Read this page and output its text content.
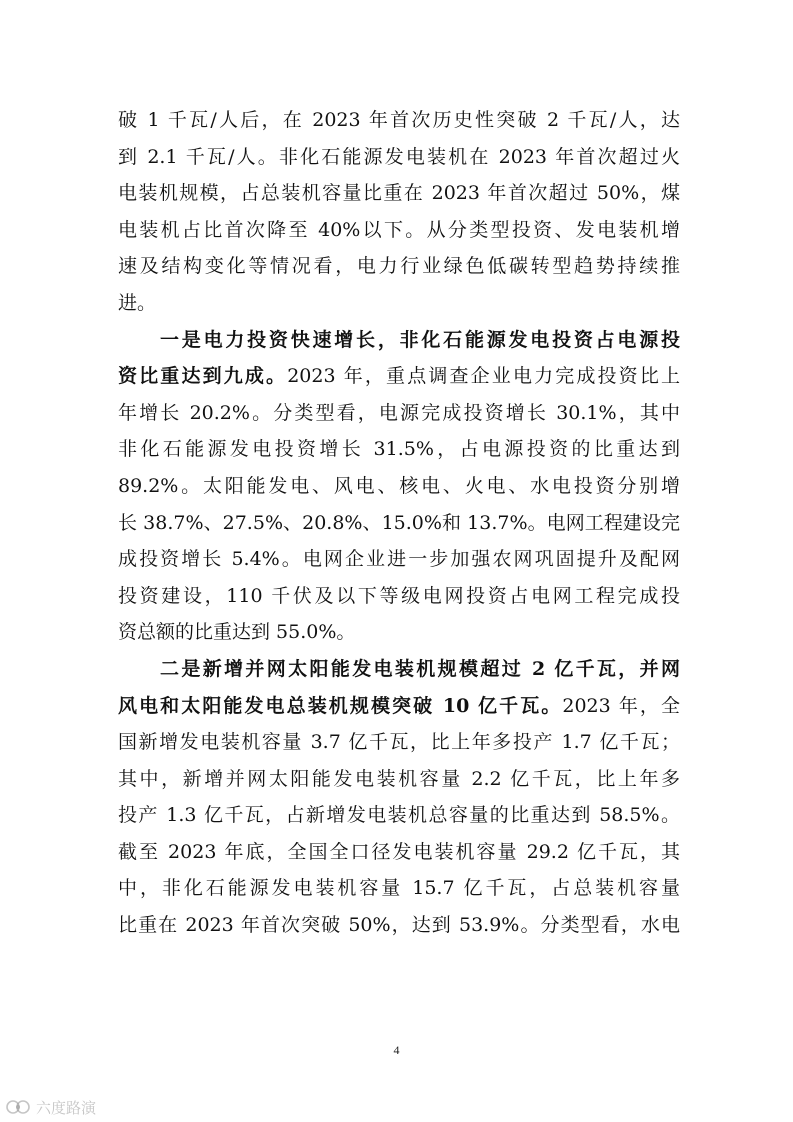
破 1 千瓦/人后，在 2023 年首次历史性突破 2 千瓦/人，达
到 2.1 千瓦/人。非化石能源发电装机在 2023 年首次超过火
电装机规模，占总装机容量比重在 2023 年首次超过 50%，煤
电装机占比首次降至 40%以下。从分类型投资、发电装机增
速及结构变化等情况看，电力行业绿色低碳转型趋势持续推
进。
一是电力投资快速增长，非化石能源发电投资占电源投
资比重达到九成。2023 年，重点调查企业电力完成投资比上
年增长 20.2%。分类型看，电源完成投资增长 30.1%，其中
非化石能源发电投资增长 31.5%，占电源投资的比重达到
89.2%。太阳能发电、风电、核电、火电、水电投资分别增
长 38.7%、27.5%、20.8%、15.0%和 13.7%。电网工程建设完
成投资增长 5.4%。电网企业进一步加强农网巩固提升及配网
投资建设，110 千伏及以下等级电网投资占电网工程完成投
资总额的比重达到 55.0%。
二是新增并网太阳能发电装机规模超过 2 亿千瓦，并网
风电和太阳能发电总装机规模突破 10 亿千瓦。2023 年，全
国新增发电装机容量 3.7 亿千瓦，比上年多投产 1.7 亿千瓦；
其中，新增并网太阳能发电装机容量 2.2 亿千瓦，比上年多
投产 1.3 亿千瓦，占新增发电装机总容量的比重达到 58.5%。
截至 2023 年底，全国全口径发电装机容量 29.2 亿千瓦，其
中，非化石能源发电装机容量 15.7 亿千瓦，占总装机容量
比重在 2023 年首次突破 50%，达到 53.9%。分类型看，水电
4
六度路演
